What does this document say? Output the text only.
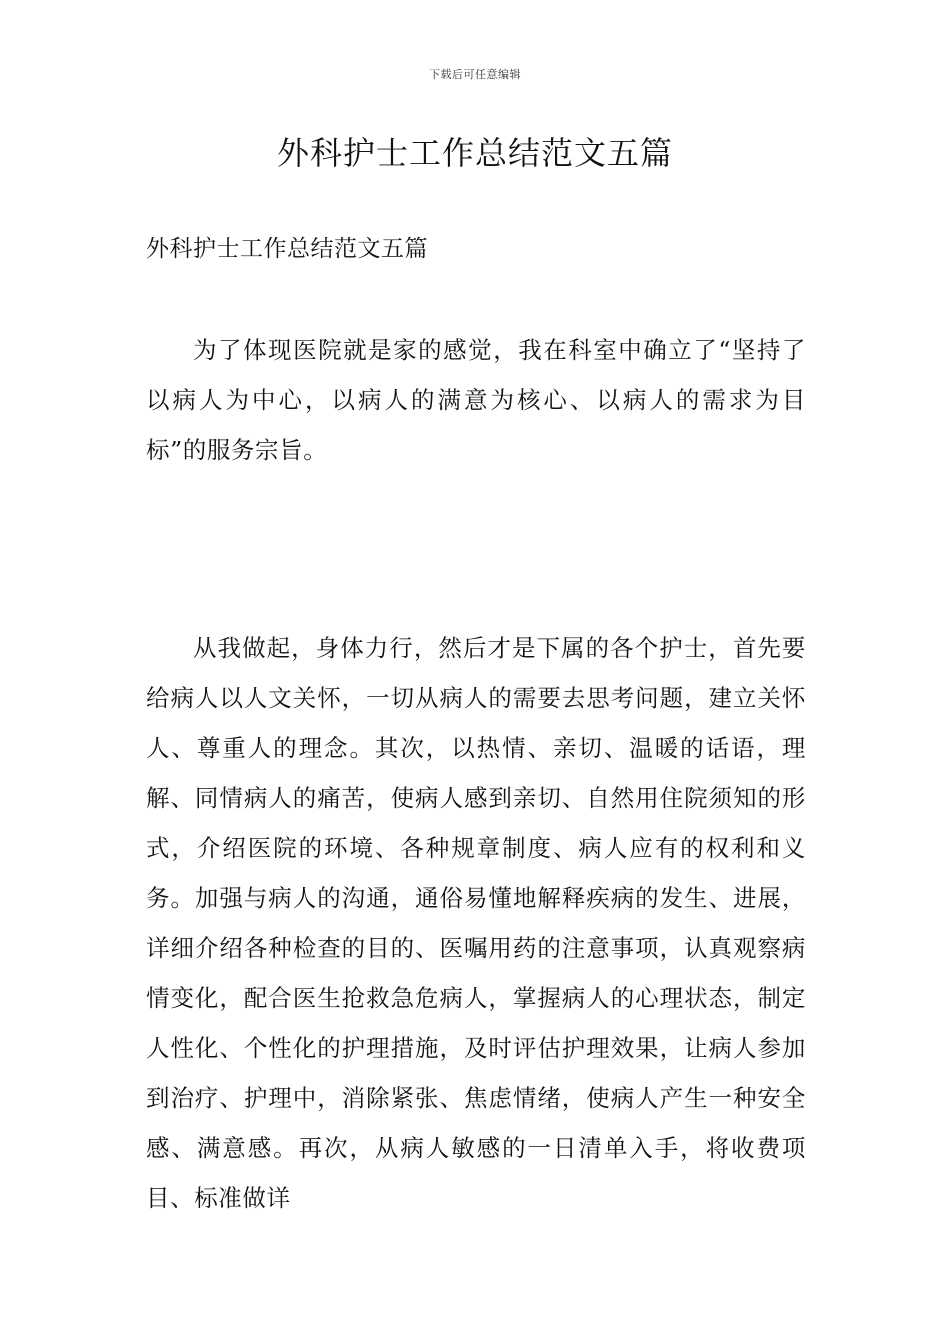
下载后可任意编辑
外科护士工作总结范文五篇
外科护士工作总结范文五篇

为了体现医院就是家的感觉，我在科室中确立了“坚持了以病人为中心，以病人的满意为核心、以病人的需求为目标”的服务宗旨。

从我做起，身体力行，然后才是下属的各个护士，首先要给病人以人文关怀，一切从病人的需要去思考问题，建立关怀人、尊重人的理念。其次，以热情、亲切、温暖的话语，理解、同情病人的痛苦，使病人感到亲切、自然用住院须知的形式，介绍医院的环境、各种规章制度、病人应有的权利和义务。加强与病人的沟通，通俗易懂地解释疾病的发生、进展，详细介绍各种检查的目的、医嘱用药的注意事项，认真观察病情变化，配合医生抢救急危病人，掌握病人的心理状态，制定人性化、个性化的护理措施，及时评估护理效果，让病人参加到治疗、护理中，消除紧张、焦虑情绪，使病人产生一种安全感、满意感。再次，从病人敏感的一日清单入手，将收费项目、标准做详
